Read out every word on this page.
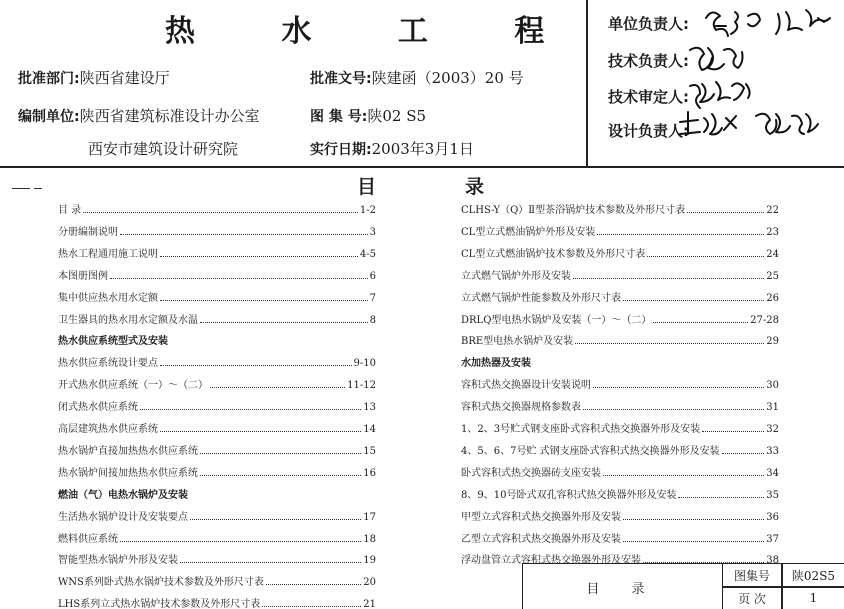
热 水 工 程
批准部门:陕西省建设厅	批准文号:陕建函（2003）20 号
编制单位:陕西省建筑标准设计办公室	图 集 号:陕02 S5
西安市建筑设计研究院	实行日期:2003年3月1日
单位负责人:
技术负责人:
技术审定人:
设计负责人:
目	录
目 录	1-2
分册编制说明	3
热水工程通用施工说明	4-5
本图册图例	6
集中供应热水用水定额	7
卫生器具的热水用水定额及水温	8
热水供应系统型式及安装
热水供应系统设计要点	9-10
开式热水供应系统（一）～（二）	11-12
闭式热水供应系统	13
高层建筑热水供应系统	14
热水锅炉直接加热热水供应系统	15
热水锅炉间接加热热水供应系统	16
燃油（气）电热水锅炉及安装
生活热水锅炉设计及安装要点	17
燃料供应系统	18
智能型热水锅炉外形及安装	19
WNS系列卧式热水锅炉技术参数及外形尺寸表	20
LHS系列立式热水锅炉技术参数及外形尺寸表	21
CLHS-Y（Q）Ⅱ型茶浴锅炉技术参数及外形尺寸表	22
CL型立式燃油锅炉外形及安装	23
CL型立式燃油锅炉技术参数及外形尺寸表	24
立式燃气锅炉外形及安装	25
立式燃气锅炉性能参数及外形尺寸表	26
DRLQ型电热水锅炉及安装（一）～（二）	27-28
BRE型电热水锅炉及安装	29
水加热器及安装
容积式热交换器设计安装说明	30
容积式热交换器规格参数表	31
1、2、3号贮式钢支座卧式容积式热交换器外形及安装	32
4、5、6、7号贮 式钢支座卧式容积式热交换器外形及安装	33
卧式容积式热交换器砖支座安装	34
8、9、10号卧式双孔容积式热交换器外形及安装	35
甲型立式容积式热交换器外形及安装	36
乙型立式容积式热交换器外形及安装	37
浮动盘管立式容积式热交换器外形及安装	38
目 录
图集号	陕02S5
页 次	1
